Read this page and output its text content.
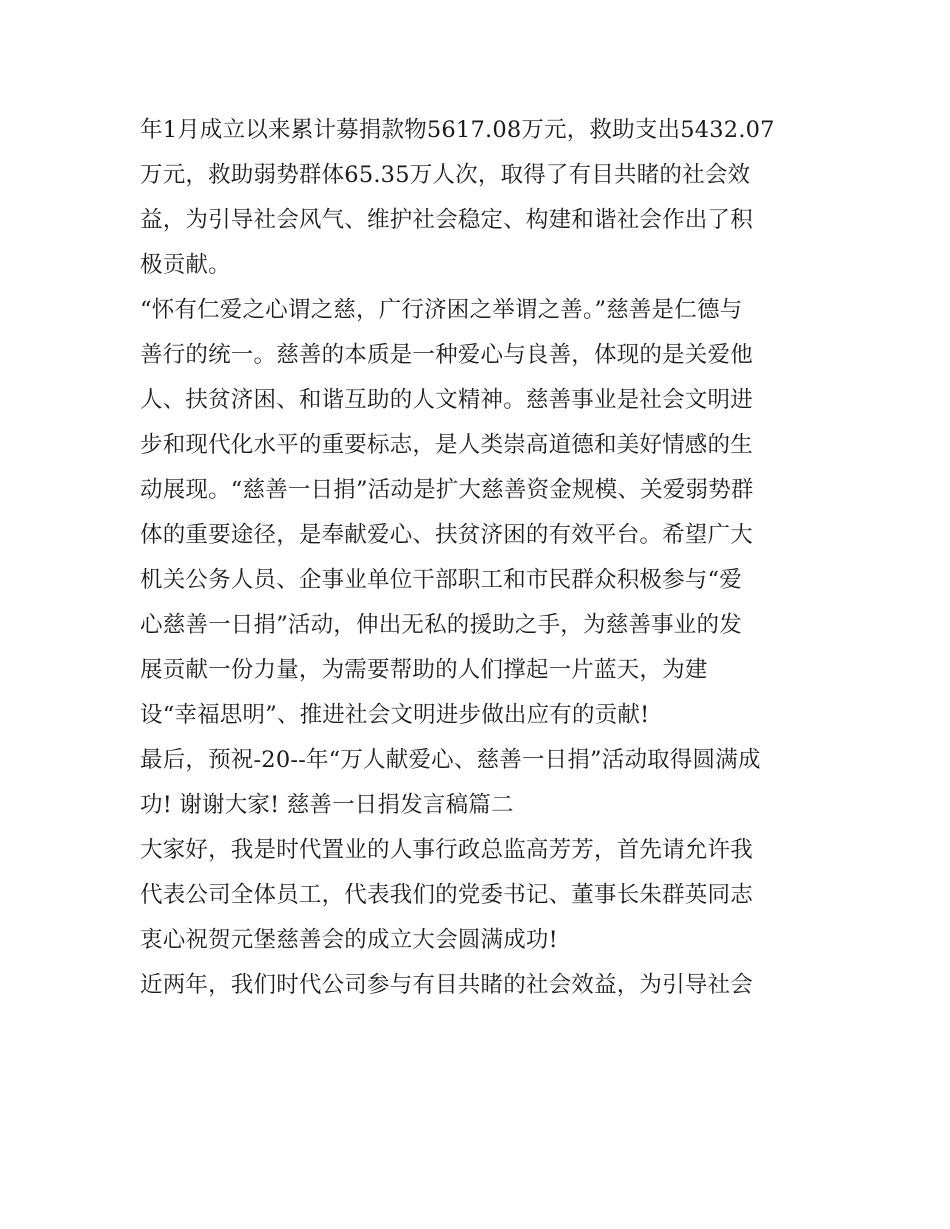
年1月成立以来累计募捐款物5617.08万元，救助支出5432.07
万元，救助弱势群体65.35万人次，取得了有目共睹的社会效
益，为引导社会风气、维护社会稳定、构建和谐社会作出了积
极贡献。
“怀有仁爱之心谓之慈，广行济困之举谓之善。”慈善是仁德与
善行的统一。慈善的本质是一种爱心与良善，体现的是关爱他
人、扶贫济困、和谐互助的人文精神。慈善事业是社会文明进
步和现代化水平的重要标志，是人类崇高道德和美好情感的生
动展现。“慈善一日捐”活动是扩大慈善资金规模、关爱弱势群
体的重要途径，是奉献爱心、扶贫济困的有效平台。希望广大
机关公务人员、企事业单位干部职工和市民群众积极参与“爱
心慈善一日捐”活动，伸出无私的援助之手，为慈善事业的发
展贡献一份力量，为需要帮助的人们撑起一片蓝天，为建
设“幸福思明”、推进社会文明进步做出应有的贡献!
最后，预祝-20--年“万人献爱心、慈善一日捐”活动取得圆满成
功! 谢谢大家! 慈善一日捐发言稿篇二
大家好，我是时代置业的人事行政总监高芳芳，首先请允许我
代表公司全体员工，代表我们的党委书记、董事长朱群英同志
衷心祝贺元堡慈善会的成立大会圆满成功!
近两年，我们时代公司参与有目共睹的社会效益，为引导社会
